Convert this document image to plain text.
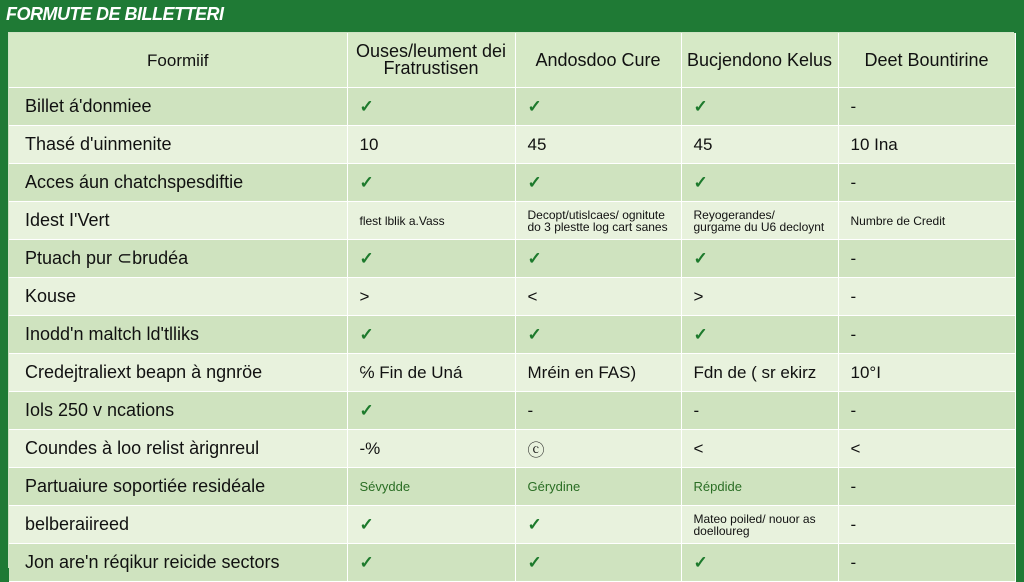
FORMUTE DE BILLETTERI
Foormiif	Ouses/leument dei Fratrustisen	Andosdoo Cure	Bucjendono Kelus	Deet Bountirine
Billet á'donmiee	✓	✓	✓	-
Thasé d'uinmenite	10	45	45	10 Ina
Acces áun chatchspesdiftie	✓	✓	✓	-
Idest I'Vert	flest lblik a.Vass	Decopt/utislcaes/ ognitute do 3 plestte log cart sanes	Reyogerandes/ gurgame du U6 decloynt	Numbre de Credit
Ptuach pur ⊂brudéa	✓	✓	✓	-
Kouse	>	<	>	-
Inodd'n maltch ld'tlliks	✓	✓	✓	-
Credejtraliext beapn à ngnröe	℅ Fin de Uná	Mréin en FAS)	Fdn de ( sr ekirz	10°I
Iols 250 v ncations	✓	-	-	-
Coundes à loo relist àrignreul	-%	ⓒ	<	<
Partuaiure soportiée residéale	Sévydde	Gérydine	Répdide	-
belberaiireed	✓	✓	Mateo poiled/ nouor as doelloureg	-
Jon are'n réqikur reicide sectors	✓	✓	✓	-
